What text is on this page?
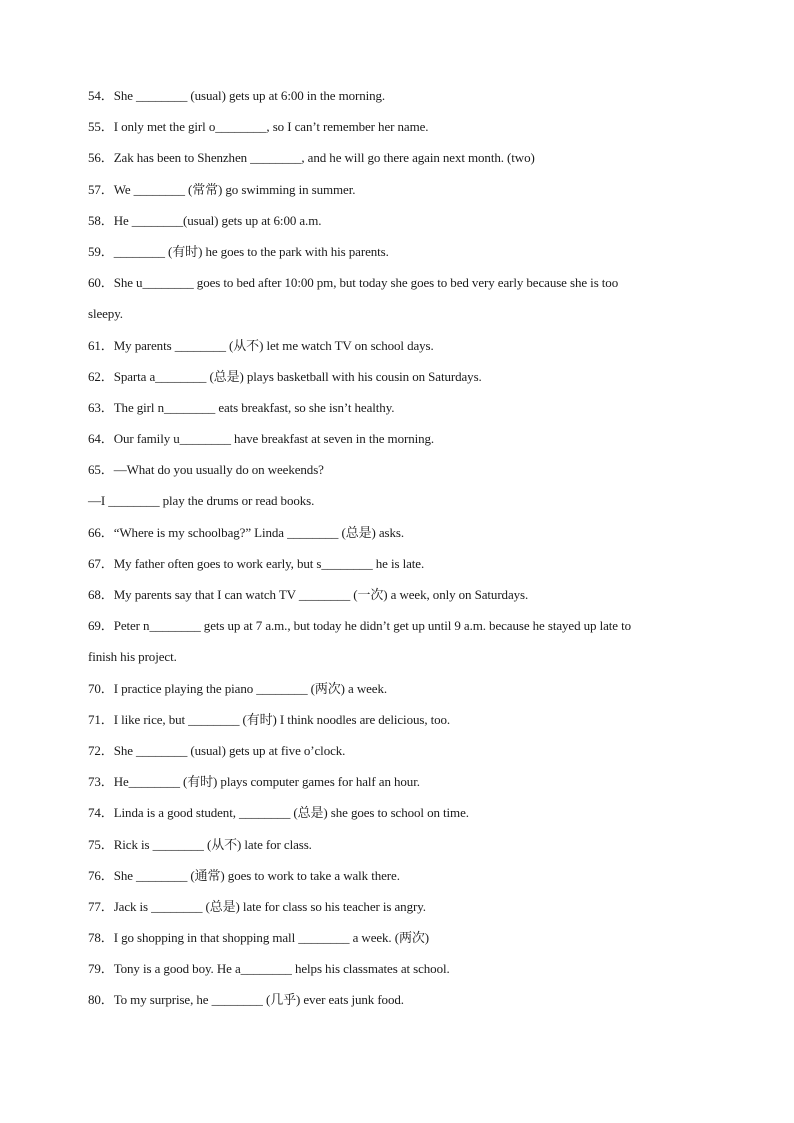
54．She ________ (usual) gets up at 6:00 in the morning.
55．I only met the girl o________, so I can’t remember her name.
56．Zak has been to Shenzhen ________, and he will go there again next month. (two)
57．We ________ (常常) go swimming in summer.
58．He ________(usual) gets up at 6:00 a.m.
59．________ (有时) he goes to the park with his parents.
60．She u________ goes to bed after 10:00 pm, but today she goes to bed very early because she is too
sleepy.
61．My parents ________ (从不) let me watch TV on school days.
62．Sparta a________ (总是) plays basketball with his cousin on Saturdays.
63．The girl n________ eats breakfast, so she isn’t healthy.
64．Our family u________ have breakfast at seven in the morning.
65．—What do you usually do on weekends?
—I ________ play the drums or read books.
66．“Where is my schoolbag?” Linda ________ (总是) asks.
67．My father often goes to work early, but s________ he is late.
68．My parents say that I can watch TV ________ (一次) a week, only on Saturdays.
69．Peter n________ gets up at 7 a.m., but today he didn’t get up until 9 a.m. because he stayed up late to
finish his project.
70．I practice playing the piano ________ (两次) a week.
71．I like rice, but ________ (有时) I think noodles are delicious, too.
72．She ________ (usual) gets up at five o’clock.
73．He________ (有时) plays computer games for half an hour.
74．Linda is a good student, ________ (总是) she goes to school on time.
75．Rick is ________ (从不) late for class.
76．She ________ (通常) goes to work to take a walk there.
77．Jack is ________ (总是) late for class so his teacher is angry.
78．I go shopping in that shopping mall ________ a week. (两次)
79．Tony is a good boy. He a________ helps his classmates at school.
80．To my surprise, he ________ (几乎) ever eats junk food.
